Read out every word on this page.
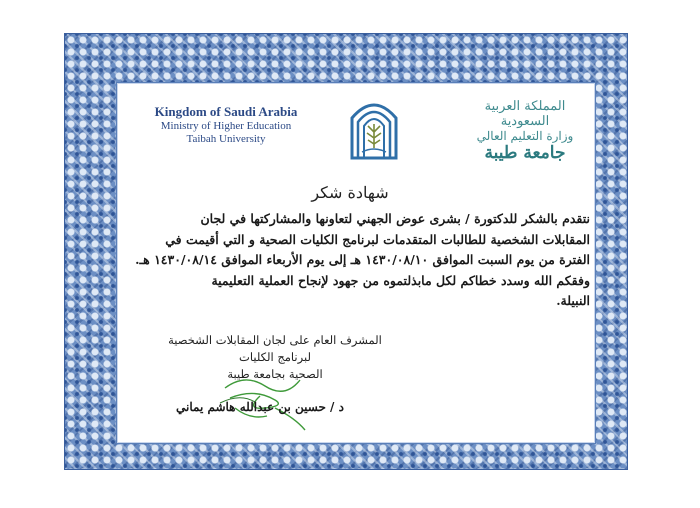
Kingdom of Saudi Arabia
Ministry of Higher Education
Taibah University
المملكة العربية السعودية
وزارة التعليم العالي
جامعة طيبة
شهادة شكر
نتقدم بالشكر للدكتورة / بشرى عوض الجهني لتعاونها والمشاركتها في لجان
المقابلات الشخصية للطالبات المتقدمات لبرنامج الكليات الصحية و التي أقيمت في
الفترة من يوم السبت الموافق ١٤٣٠/٠٨/١٠ هـ إلى يوم الأربعاء الموافق ١٤٣٠/٠٨/١٤ هـ.
وفقكم الله وسدد خطاكم لكل مابذلتموه من جهود لإنجاح العملية التعليمية
النبيلة.
المشرف العام على لجان المقابلات الشخصية لبرنامج الكليات
الصحية بجامعة طيبة
د / حسين بن عبدالله هاشم يماني
